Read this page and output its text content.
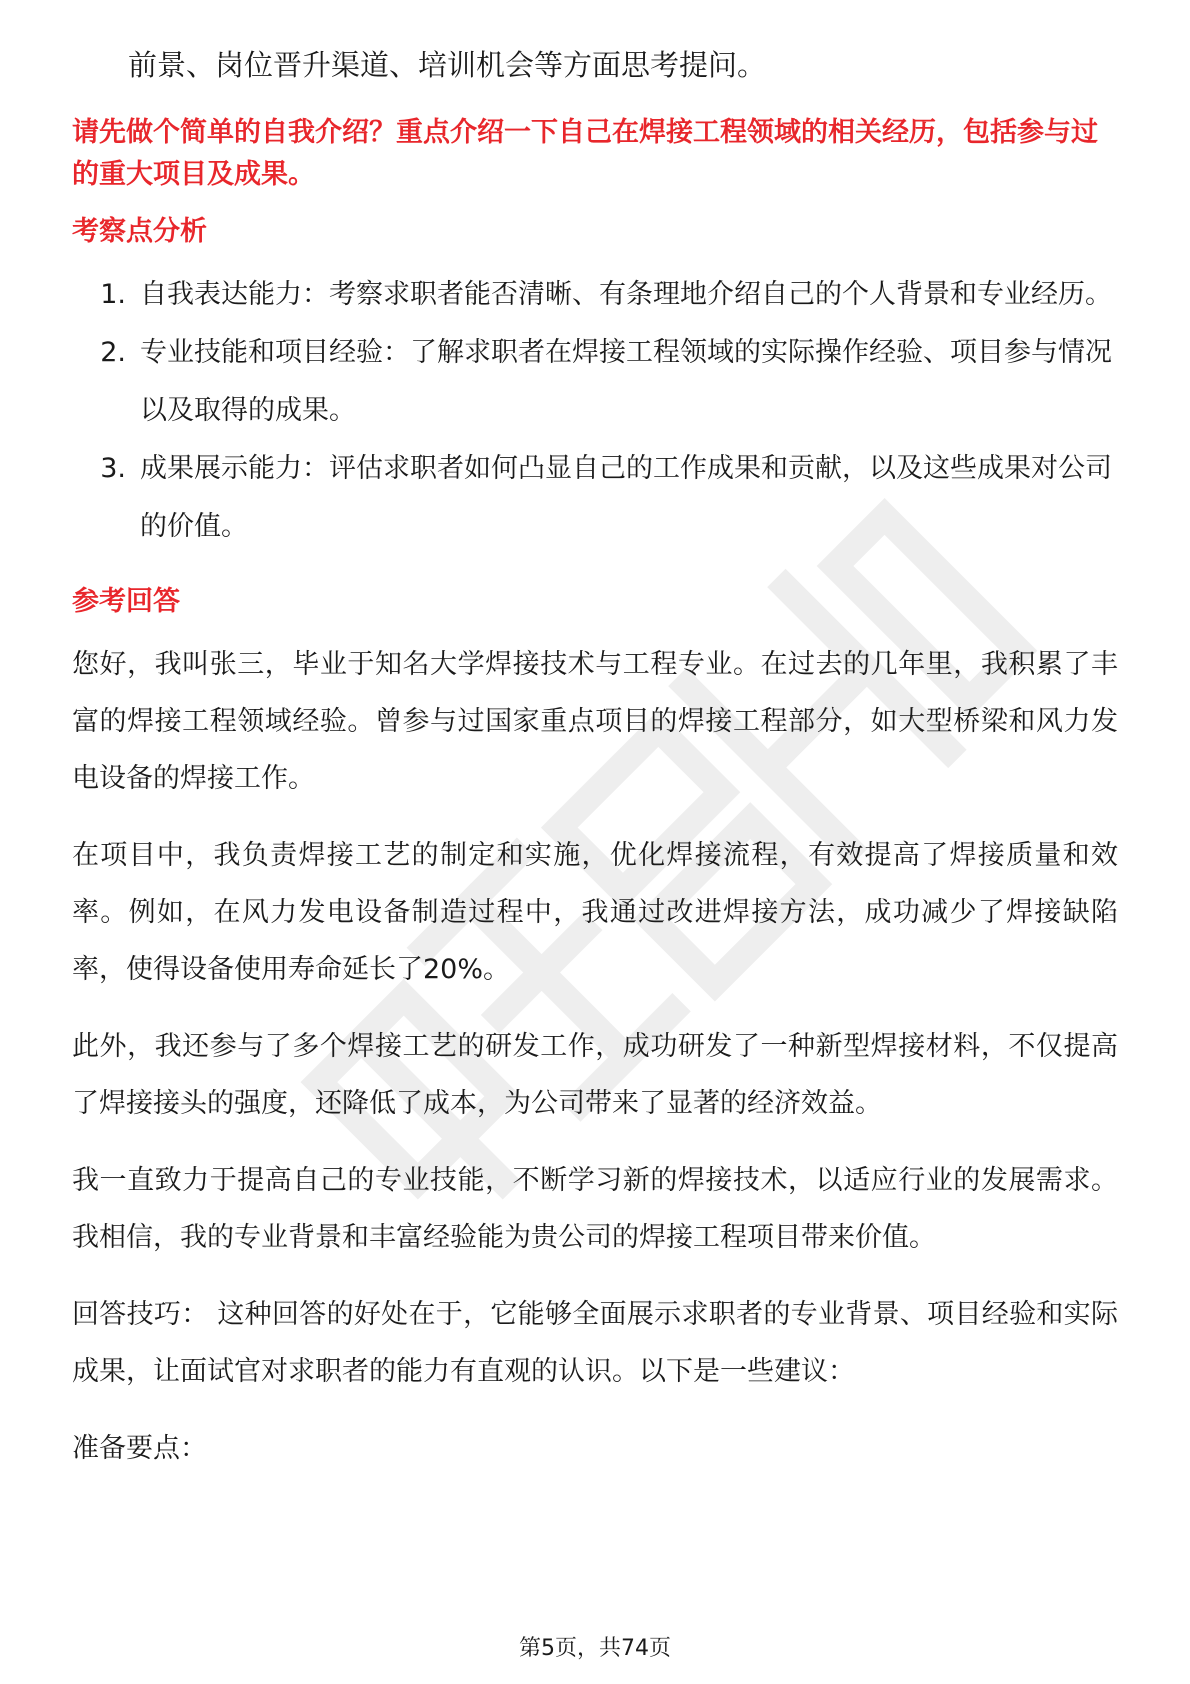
前景、岗位晋升渠道、培训机会等方面思考提问。
请先做个简单的自我介绍？重点介绍一下自己在焊接工程领域的相关经历，包括参与过的重大项目及成果。
考察点分析
1. 自我表达能力：考察求职者能否清晰、有条理地介绍自己的个人背景和专业经历。
2. 专业技能和项目经验：了解求职者在焊接工程领域的实际操作经验、项目参与情况以及取得的成果。
3. 成果展示能力：评估求职者如何凸显自己的工作成果和贡献，以及这些成果对公司的价值。
参考回答

您好，我叫张三，毕业于知名大学焊接技术与工程专业。在过去的几年里，我积累了丰富的焊接工程领域经验。曾参与过国家重点项目的焊接工程部分，如大型桥梁和风力发电设备的焊接工作。

在项目中，我负责焊接工艺的制定和实施，优化焊接流程，有效提高了焊接质量和效率。例如，在风力发电设备制造过程中，我通过改进焊接方法，成功减少了焊接缺陷率，使得设备使用寿命延长了20%。

此外，我还参与了多个焊接工艺的研发工作，成功研发了一种新型焊接材料，不仅提高了焊接接头的强度，还降低了成本，为公司带来了显著的经济效益。

我一直致力于提高自己的专业技能，不断学习新的焊接技术，以适应行业的发展需求。我相信，我的专业背景和丰富经验能为贵公司的焊接工程项目带来价值。

回答技巧： 这种回答的好处在于，它能够全面展示求职者的专业背景、项目经验和实际成果，让面试官对求职者的能力有直观的认识。以下是一些建议：

准备要点：

第5页，共74页
